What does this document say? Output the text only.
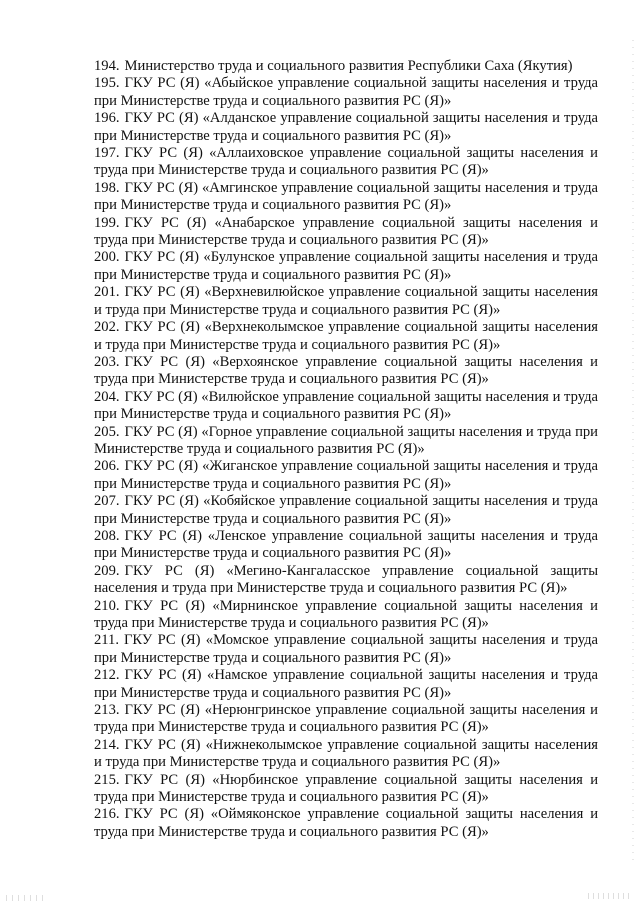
194. Министерство труда и социального развития Республики Саха (Якутия)

195. ГКУ РС (Я) «Абыйское управление социальной защиты населения и труда при Министерстве труда и социального развития РС (Я)»

196. ГКУ РС (Я) «Алданское управление социальной защиты населения и труда при Министерстве труда и социального развития РС (Я)»

197. ГКУ РС (Я) «Аллаиховское управление социальной защиты населения и труда при Министерстве труда и социального развития РС (Я)»

198. ГКУ РС (Я) «Амгинское управление социальной защиты населения и труда при Министерстве труда и социального развития РС (Я)»

199. ГКУ РС (Я) «Анабарское управление социальной защиты населения и труда при Министерстве труда и социального развития РС (Я)»

200. ГКУ РС (Я) «Булунское управление социальной защиты населения и труда при Министерстве труда и социального развития РС (Я)»

201. ГКУ РС (Я) «Верхневилюйское управление социальной защиты населения и труда при Министерстве труда и социального развития РС (Я)»

202. ГКУ РС (Я) «Верхнеколымское управление социальной защиты населения и труда при Министерстве труда и социального развития РС (Я)»

203. ГКУ РС (Я) «Верхоянское управление социальной защиты населения и труда при Министерстве труда и социального развития РС (Я)»

204. ГКУ РС (Я) «Вилюйское управление социальной защиты населения и труда при Министерстве труда и социального развития РС (Я)»

205. ГКУ РС (Я) «Горное управление социальной защиты населения и труда при Министерстве труда и социального развития РС (Я)»

206. ГКУ РС (Я) «Жиганское управление социальной защиты населения и труда при Министерстве труда и социального развития РС (Я)»

207. ГКУ РС (Я) «Кобяйское управление социальной защиты населения и труда при Министерстве труда и социального развития РС (Я)»

208. ГКУ РС (Я) «Ленское управление социальной защиты населения и труда при Министерстве труда и социального развития РС (Я)»

209. ГКУ РС (Я) «Мегино-Кангаласское управление социальной защиты населения и труда при Министерстве труда и социального развития РС (Я)»

210. ГКУ РС (Я) «Мирнинское управление социальной защиты населения и труда при Министерстве труда и социального развития РС (Я)»

211. ГКУ РС (Я) «Момское управление социальной защиты населения и труда при Министерстве труда и социального развития РС (Я)»

212. ГКУ РС (Я) «Намское управление социальной защиты населения и труда при Министерстве труда и социального развития РС (Я)»

213. ГКУ РС (Я) «Нерюнгринское управление социальной защиты населения и труда при Министерстве труда и социального развития РС (Я)»

214. ГКУ РС (Я) «Нижнеколымское управление социальной защиты населения и труда при Министерстве труда и социального развития РС (Я)»

215. ГКУ РС (Я) «Нюрбинское управление социальной защиты населения и труда при Министерстве труда и социального развития РС (Я)»

216. ГКУ РС (Я) «Оймяконское управление социальной защиты населения и труда при Министерстве труда и социального развития РС (Я)»
